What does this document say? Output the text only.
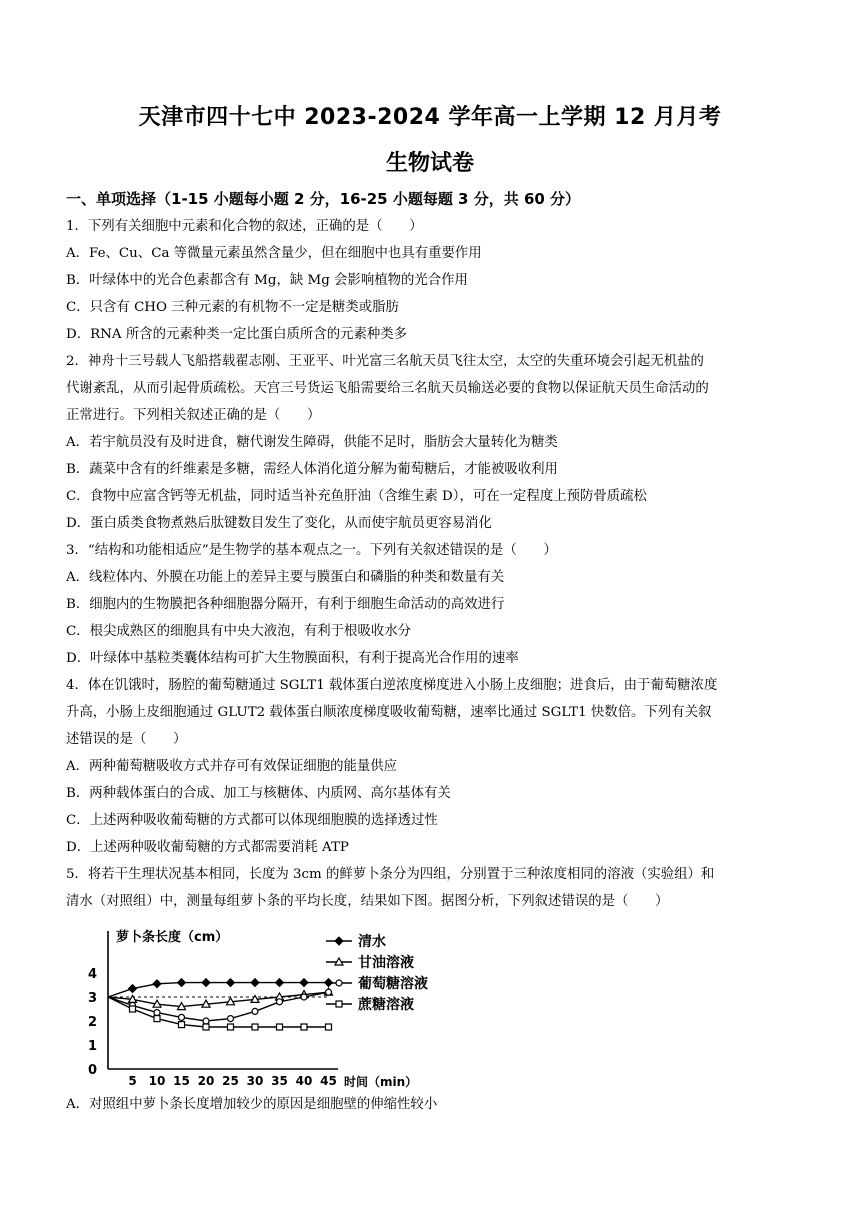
天津市四十七中 2023-2024 学年高一上学期 12 月月考
生物试卷
一、单项选择（1-15 小题每小题 2 分，16-25 小题每题 3 分，共 60 分）
1．下列有关细胞中元素和化合物的叙述，正确的是（　　）
A．Fe、Cu、Ca 等微量元素虽然含量少，但在细胞中也具有重要作用
B．叶绿体中的光合色素都含有 Mg，缺 Mg 会影响植物的光合作用
C．只含有 CHO 三种元素的有机物不一定是糖类或脂肪
D．RNA 所含的元素种类一定比蛋白质所含的元素种类多
2．神舟十三号载人飞船搭载翟志刚、王亚平、叶光富三名航天员飞往太空，太空的失重环境会引起无机盐的
代谢紊乱，从而引起骨质疏松。天宫三号货运飞船需要给三名航天员输送必要的食物以保证航天员生命活动的
正常进行。下列相关叙述正确的是（　　）
A．若宇航员没有及时进食，糖代谢发生障碍，供能不足时，脂肪会大量转化为糖类
B．蔬菜中含有的纤维素是多糖，需经人体消化道分解为葡萄糖后，才能被吸收利用
C．食物中应富含钙等无机盐，同时适当补充鱼肝油（含维生素 D），可在一定程度上预防骨质疏松
D．蛋白质类食物煮熟后肽键数目发生了变化，从而使宇航员更容易消化
3．“结构和功能相适应”是生物学的基本观点之一。下列有关叙述错误的是（　　）
A．线粒体内、外膜在功能上的差异主要与膜蛋白和磷脂的种类和数量有关
B．细胞内的生物膜把各种细胞器分隔开，有利于细胞生命活动的高效进行
C．根尖成熟区的细胞具有中央大液泡，有利于根吸收水分
D．叶绿体中基粒类囊体结构可扩大生物膜面积，有利于提高光合作用的速率
4．体在饥饿时，肠腔的葡萄糖通过 SGLT1 载体蛋白逆浓度梯度进入小肠上皮细胞；进食后，由于葡萄糖浓度
升高，小肠上皮细胞通过 GLUT2 载体蛋白顺浓度梯度吸收葡萄糖，速率比通过 SGLT1 快数倍。下列有关叙
述错误的是（　　）
A．两种葡萄糖吸收方式并存可有效保证细胞的能量供应
B．两种载体蛋白的合成、加工与核糖体、内质网、高尔基体有关
C．上述两种吸收葡萄糖的方式都可以体现细胞膜的选择透过性
D．上述两种吸收葡萄糖的方式都需要消耗 ATP
5．将若干生理状况基本相同，长度为 3cm 的鲜萝卜条分为四组，分别置于三种浓度相同的溶液（实验组）和
清水（对照组）中，测量每组萝卜条的平均长度，结果如下图。据图分析，下列叙述错误的是（　　）
0
1
2
3
4
5 10 15 20 25 30 35 40 45
萝卜条长度（cm）
时间（min）
清水
甘油溶液
葡萄糖溶液
蔗糖溶液
A．对照组中萝卜条长度增加较少的原因是细胞壁的伸缩性较小
